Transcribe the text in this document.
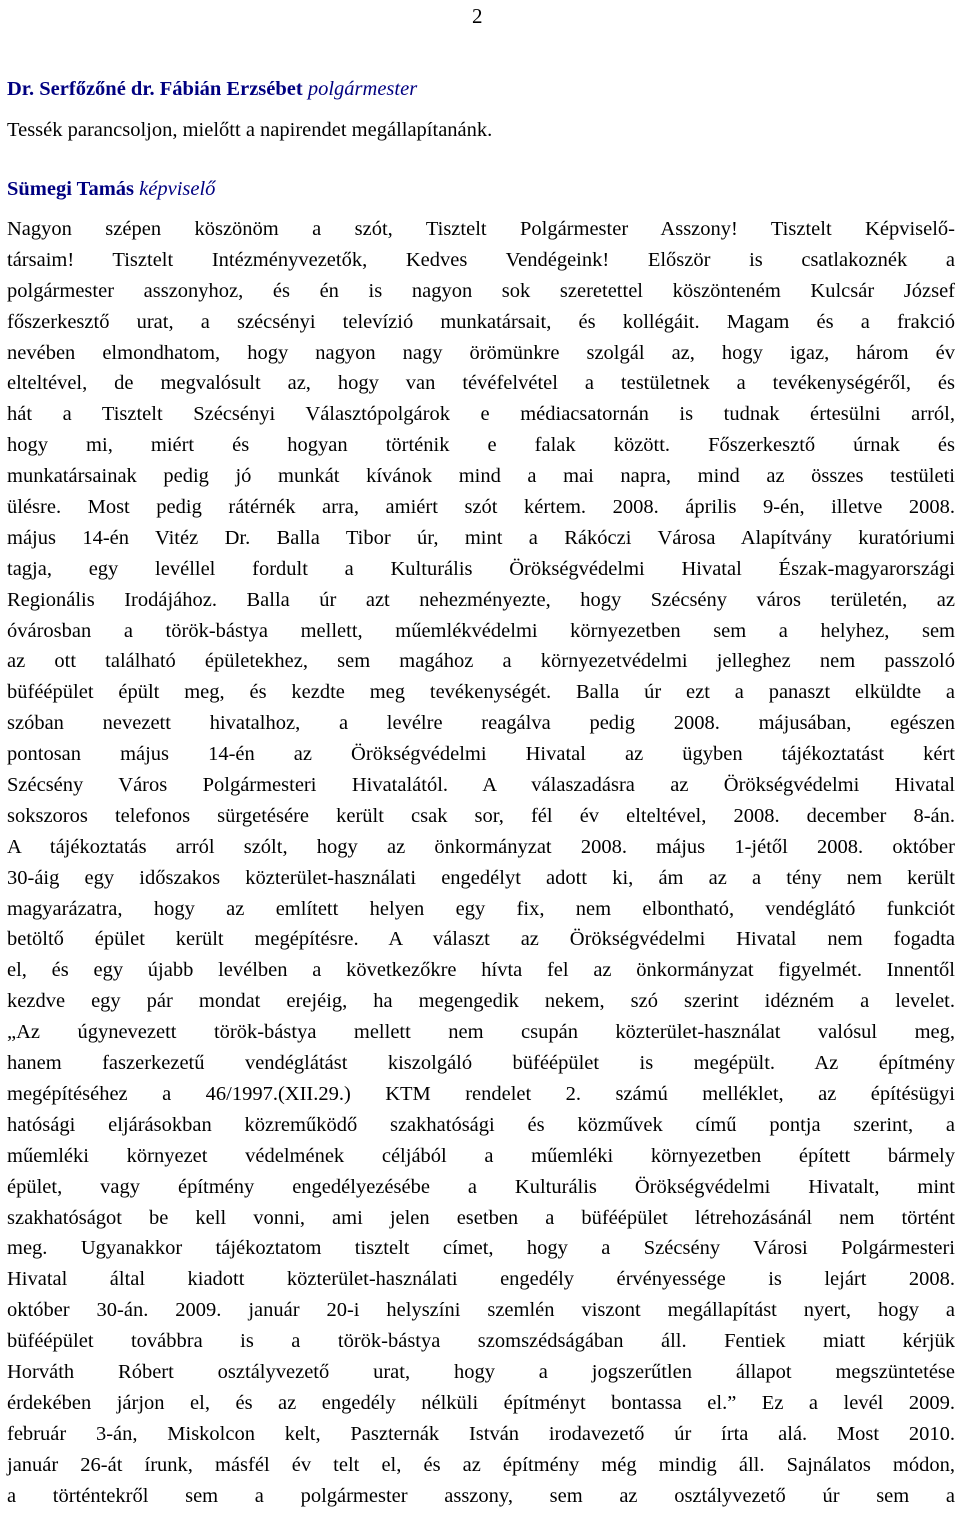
2
Dr. Serfőzőné dr. Fábián Erzsébet polgármester
Tessék parancsoljon, mielőtt a napirendet megállapítanánk.
Sümegi Tamás képviselő
Nagyon szépen köszönöm a szót, Tisztelt Polgármester Asszony! Tisztelt Képviselő-
társaim! Tisztelt Intézményvezetők, Kedves Vendégeink! Először is csatlakoznék a
polgármester asszonyhoz, és én is nagyon sok szeretettel köszönteném Kulcsár József
főszerkesztő urat, a szécsényi televízió munkatársait, és kollégáit. Magam és a frakció
nevében elmondhatom, hogy nagyon nagy örömünkre szolgál az, hogy igaz, három év
elteltével, de megvalósult az, hogy van tévéfelvétel a testületnek a tevékenységéről, és
hát a Tisztelt Szécsényi Választópolgárok e médiacsatornán is tudnak értesülni arról,
hogy mi, miért és hogyan történik e falak között. Főszerkesztő úrnak és
munkatársainak pedig jó munkát kívánok mind a mai napra, mind az összes testületi
ülésre. Most pedig rátérnék arra, amiért szót kértem. 2008. április 9-én, illetve 2008.
május 14-én Vitéz Dr. Balla Tibor úr, mint a Rákóczi Városa Alapítvány kuratóriumi
tagja, egy levéllel fordult a Kulturális Örökségvédelmi Hivatal Észak-magyarországi
Regionális Irodájához. Balla úr azt nehezményezte, hogy Szécsény város területén, az
óvárosban a török-bástya mellett, műemlékvédelmi környezetben sem a helyhez, sem
az ott található épületekhez, sem magához a környezetvédelmi jelleghez nem passzoló
büféépület épült meg, és kezdte meg tevékenységét. Balla úr ezt a panaszt elküldte a
szóban nevezett hivatalhoz, a levélre reagálva pedig 2008. májusában, egészen
pontosan május 14-én az Örökségvédelmi Hivatal az ügyben tájékoztatást kért
Szécsény Város Polgármesteri Hivatalától. A válaszadásra az Örökségvédelmi Hivatal
sokszoros telefonos sürgetésére került csak sor, fél év elteltével, 2008. december 8-án.
A tájékoztatás arról szólt, hogy az önkormányzat 2008. május 1-jétől 2008. október
30-áig egy időszakos közterület-használati engedélyt adott ki, ám az a tény nem került
magyarázatra, hogy az említett helyen egy fix, nem elbontható, vendéglátó funkciót
betöltő épület került megépítésre. A választ az Örökségvédelmi Hivatal nem fogadta
el, és egy újabb levélben a következőkre hívta fel az önkormányzat figyelmét. Innentől
kezdve egy pár mondat erejéig, ha megengedik nekem, szó szerint idézném a levelet.
„Az úgynevezett török-bástya mellett nem csupán közterület-használat valósul meg,
hanem faszerkezetű vendéglátást kiszolgáló büféépület is megépült. Az építmény
megépítéséhez a 46/1997.(XII.29.) KTM rendelet 2. számú melléklet, az építésügyi
hatósági eljárásokban közreműködő szakhatósági és közművek című pontja szerint, a
műemléki környezet védelmének céljából a műemléki környezetben épített bármely
épület, vagy építmény engedélyezésébe a Kulturális Örökségvédelmi Hivatalt, mint
szakhatóságot be kell vonni, ami jelen esetben a büféépület létrehozásánál nem történt
meg. Ugyanakkor tájékoztatom tisztelt címet, hogy a Szécsény Városi Polgármesteri
Hivatal által kiadott közterület-használati engedély érvényessége is lejárt 2008.
október 30-án. 2009. január 20-i helyszíni szemlén viszont megállapítást nyert, hogy a
büféépület továbbra is a török-bástya szomszédságában áll. Fentiek miatt kérjük
Horváth Róbert osztályvezető urat, hogy a jogszerűtlen állapot megszüntetése
érdekében járjon el, és az engedély nélküli építményt bontassa el.” Ez a levél 2009.
február 3-án, Miskolcon kelt, Paszternák István irodavezető úr írta alá. Most 2010.
január 26-át írunk, másfél év telt el, és az építmény még mindig áll. Sajnálatos módon,
a történtekről sem a polgármester asszony, sem az osztályvezető úr sem a
